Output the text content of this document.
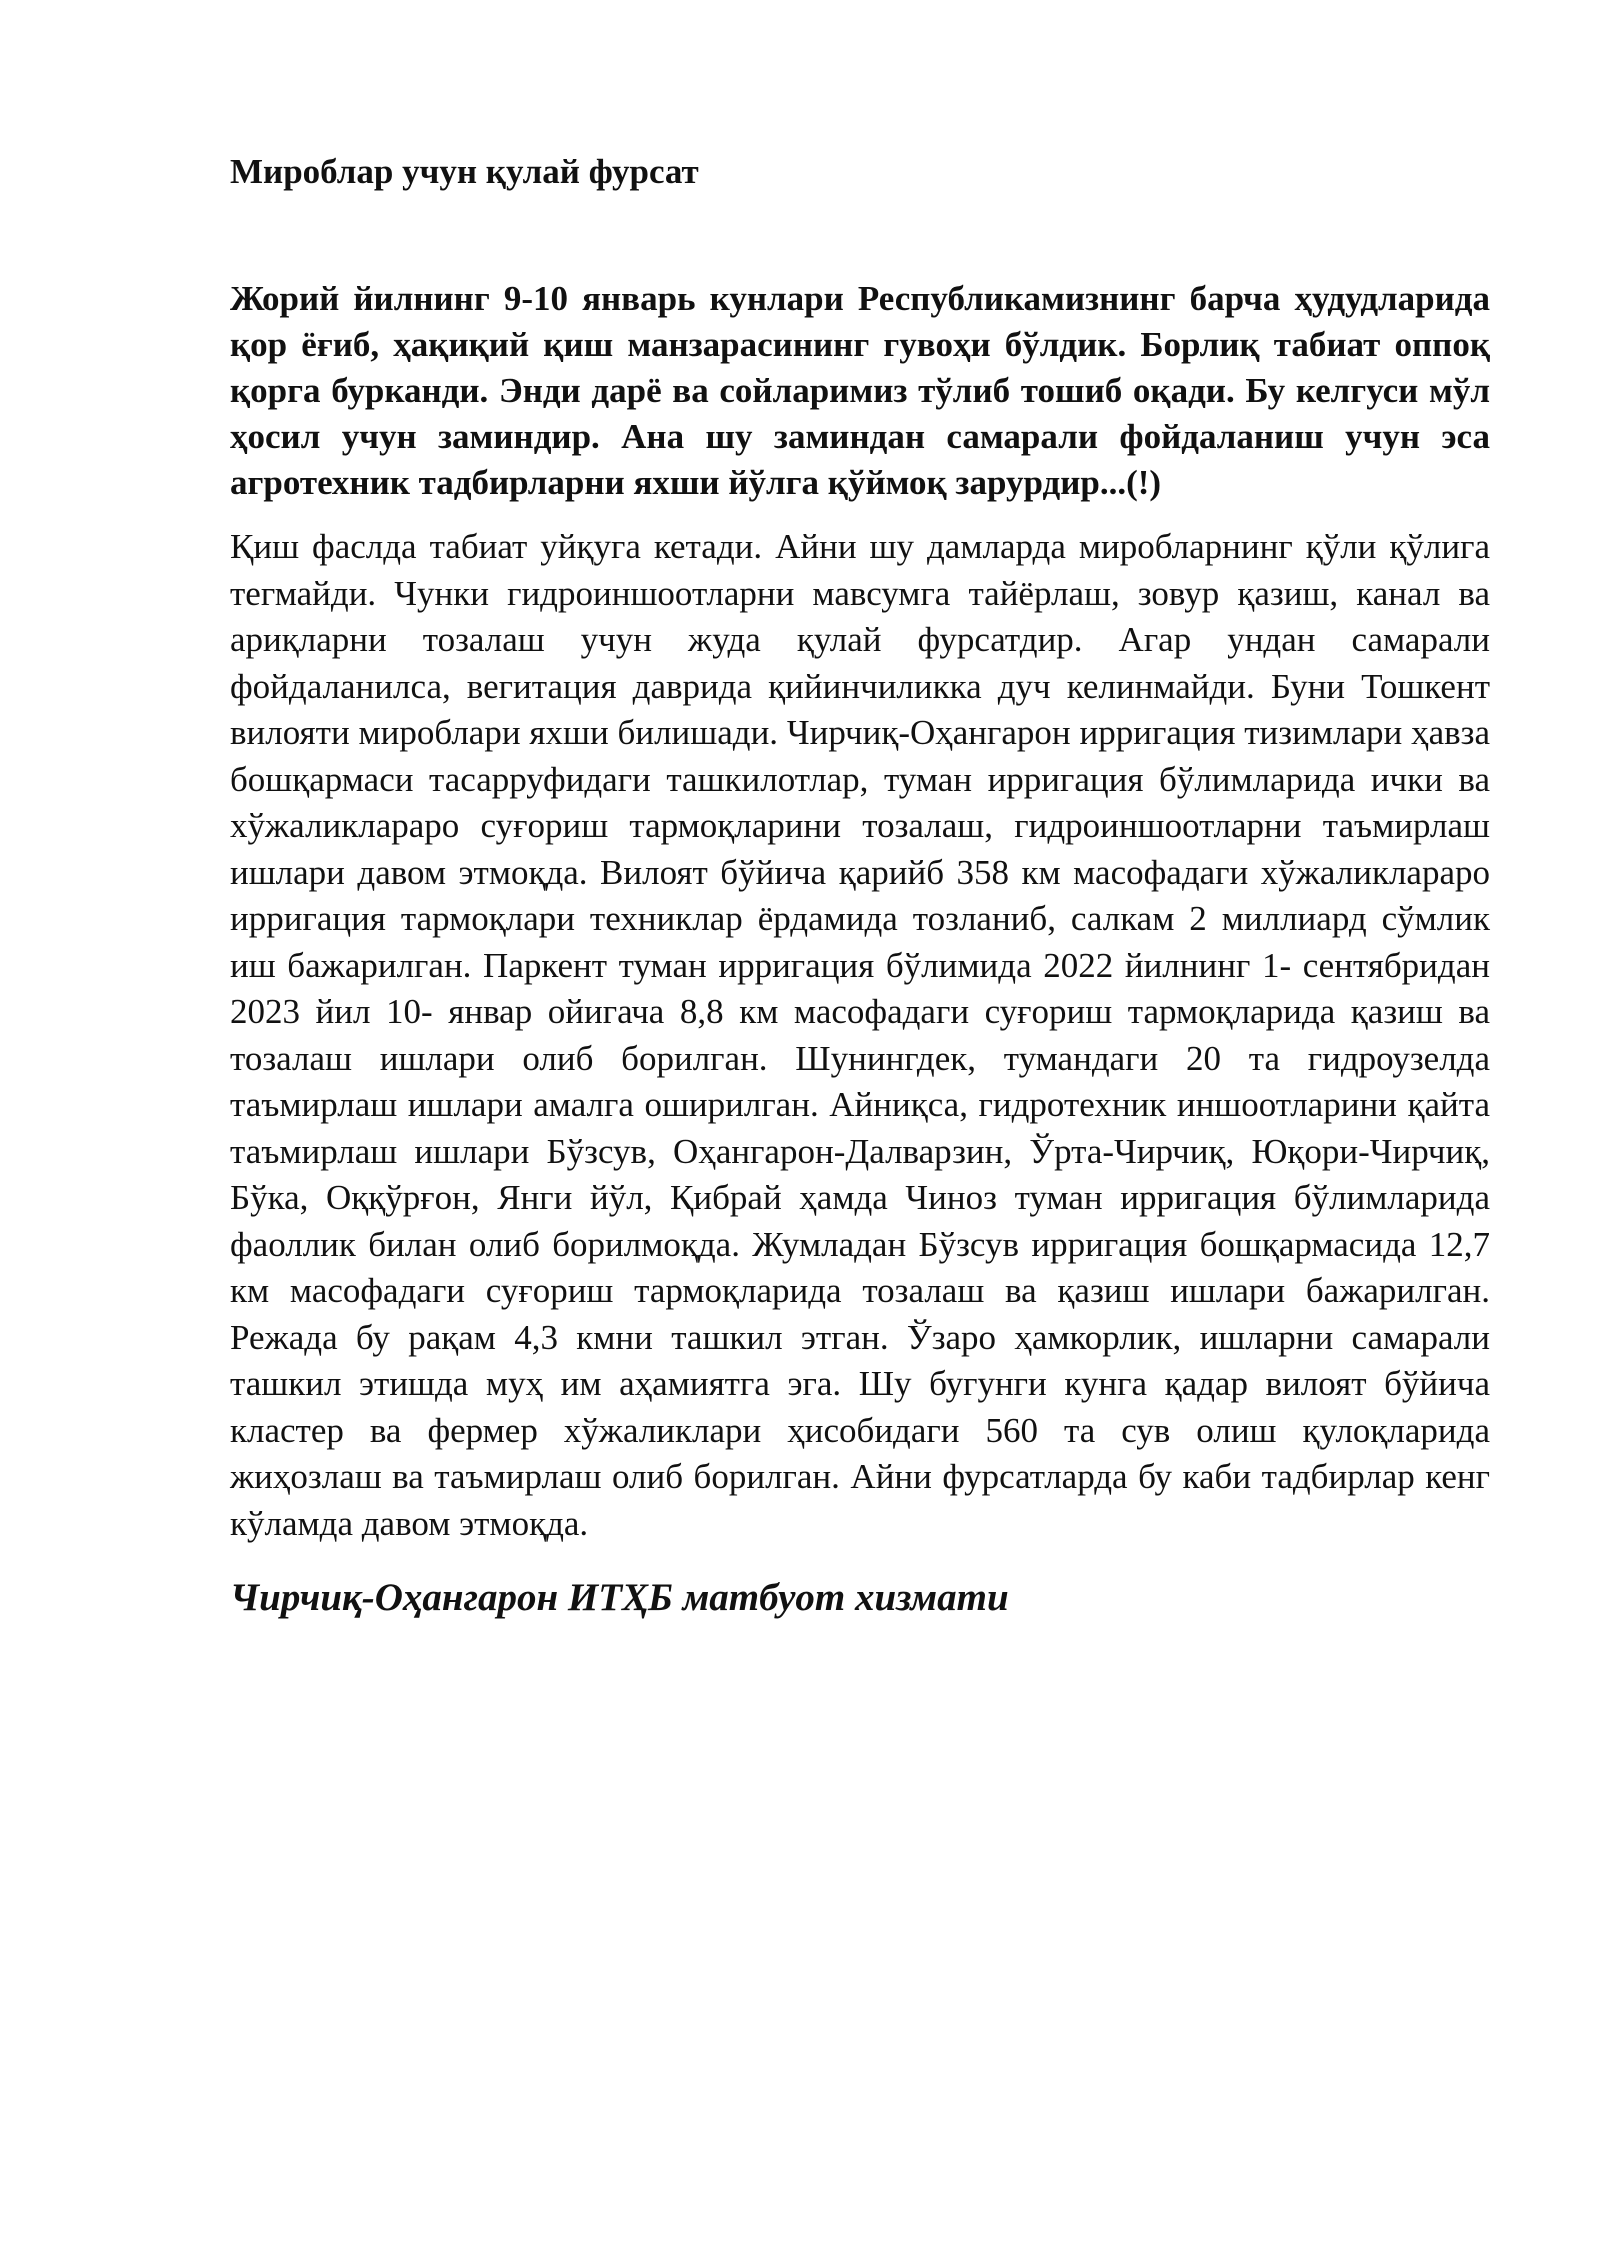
Мироблар учун қулай фурсат

Жорий йилнинг 9-10 январь кунлари Республикамизнинг барча ҳудудларида қор ёғиб, ҳақиқий қиш манзарасининг гувоҳи бўлдик. Борлиқ табиат оппоқ қорга бурканди. Энди дарё ва сойларимиз тўлиб тошиб оқади. Бу келгуси мўл ҳосил учун заминдир. Ана шу заминдан самарали фойдаланиш учун эса агротехник тадбирларни яхши йўлга қўймоқ зарурдир...(!)

Қиш фаслда табиат уйқуга кетади. Айни шу дамларда миробларнинг қўли қўлига тегмайди. Чунки гидроиншоотларни мавсумга тайёрлаш, зовур қазиш, канал ва ариқларни тозалаш учун жуда қулай фурсатдир. Агар ундан самарали фойдаланилса, вегитация даврида қийинчиликка дуч келинмайди. Буни Тошкент вилояти мироблари яхши билишади. Чирчиқ-Оҳангарон ирригация тизимлари ҳавза бошқармаси тасарруфидаги ташкилотлар, туман ирригация бўлимларида ички ва хўжаликлараро суғориш тармоқларини тозалаш, гидроиншоотларни таъмирлаш ишлари давом этмоқда. Вилоят бўйича қарийб 358 км масофадаги хўжаликлараро ирригация тармоқлари техниклар ёрдамида тозланиб, салкам 2 миллиард сўмлик иш бажарилган. Паркент туман ирригация бўлимида 2022 йилнинг 1- сентябридан 2023 йил 10- январ ойигача 8,8 км масофадаги суғориш тармоқларида қазиш ва тозалаш ишлари олиб борилган. Шунингдек, тумандаги 20 та гидроузелда таъмирлаш ишлари амалга оширилган. Айниқса, гидротехник иншоотларини қайта таъмирлаш ишлари Бўзсув, Оҳангарон-Далварзин, Ўрта-Чирчиқ, Юқори-Чирчиқ, Бўка, Оққўрғон, Янги йўл, Қибрай ҳамда Чиноз туман ирригация бўлимларида фаоллик билан олиб борилмоқда. Жумладан Бўзсув ирригация бошқармасида 12,7 км масофадаги суғориш тармоқларида тозалаш ва қазиш ишлари бажарилган. Режада бу рақам 4,3 кмни ташкил этган. Ўзаро ҳамкорлик, ишларни самарали ташкил этишда муҳ им аҳамиятга эга. Шу бугунги кунга қадар вилоят бўйича кластер ва фермер хўжаликлари ҳисобидаги 560 та сув олиш қулоқларида жиҳозлаш ва таъмирлаш олиб борилган. Айни фурсатларда бу каби тадбирлар кенг кўламда давом этмоқда.

Чирчиқ-Оҳангарон ИТҲБ матбуот хизмати
